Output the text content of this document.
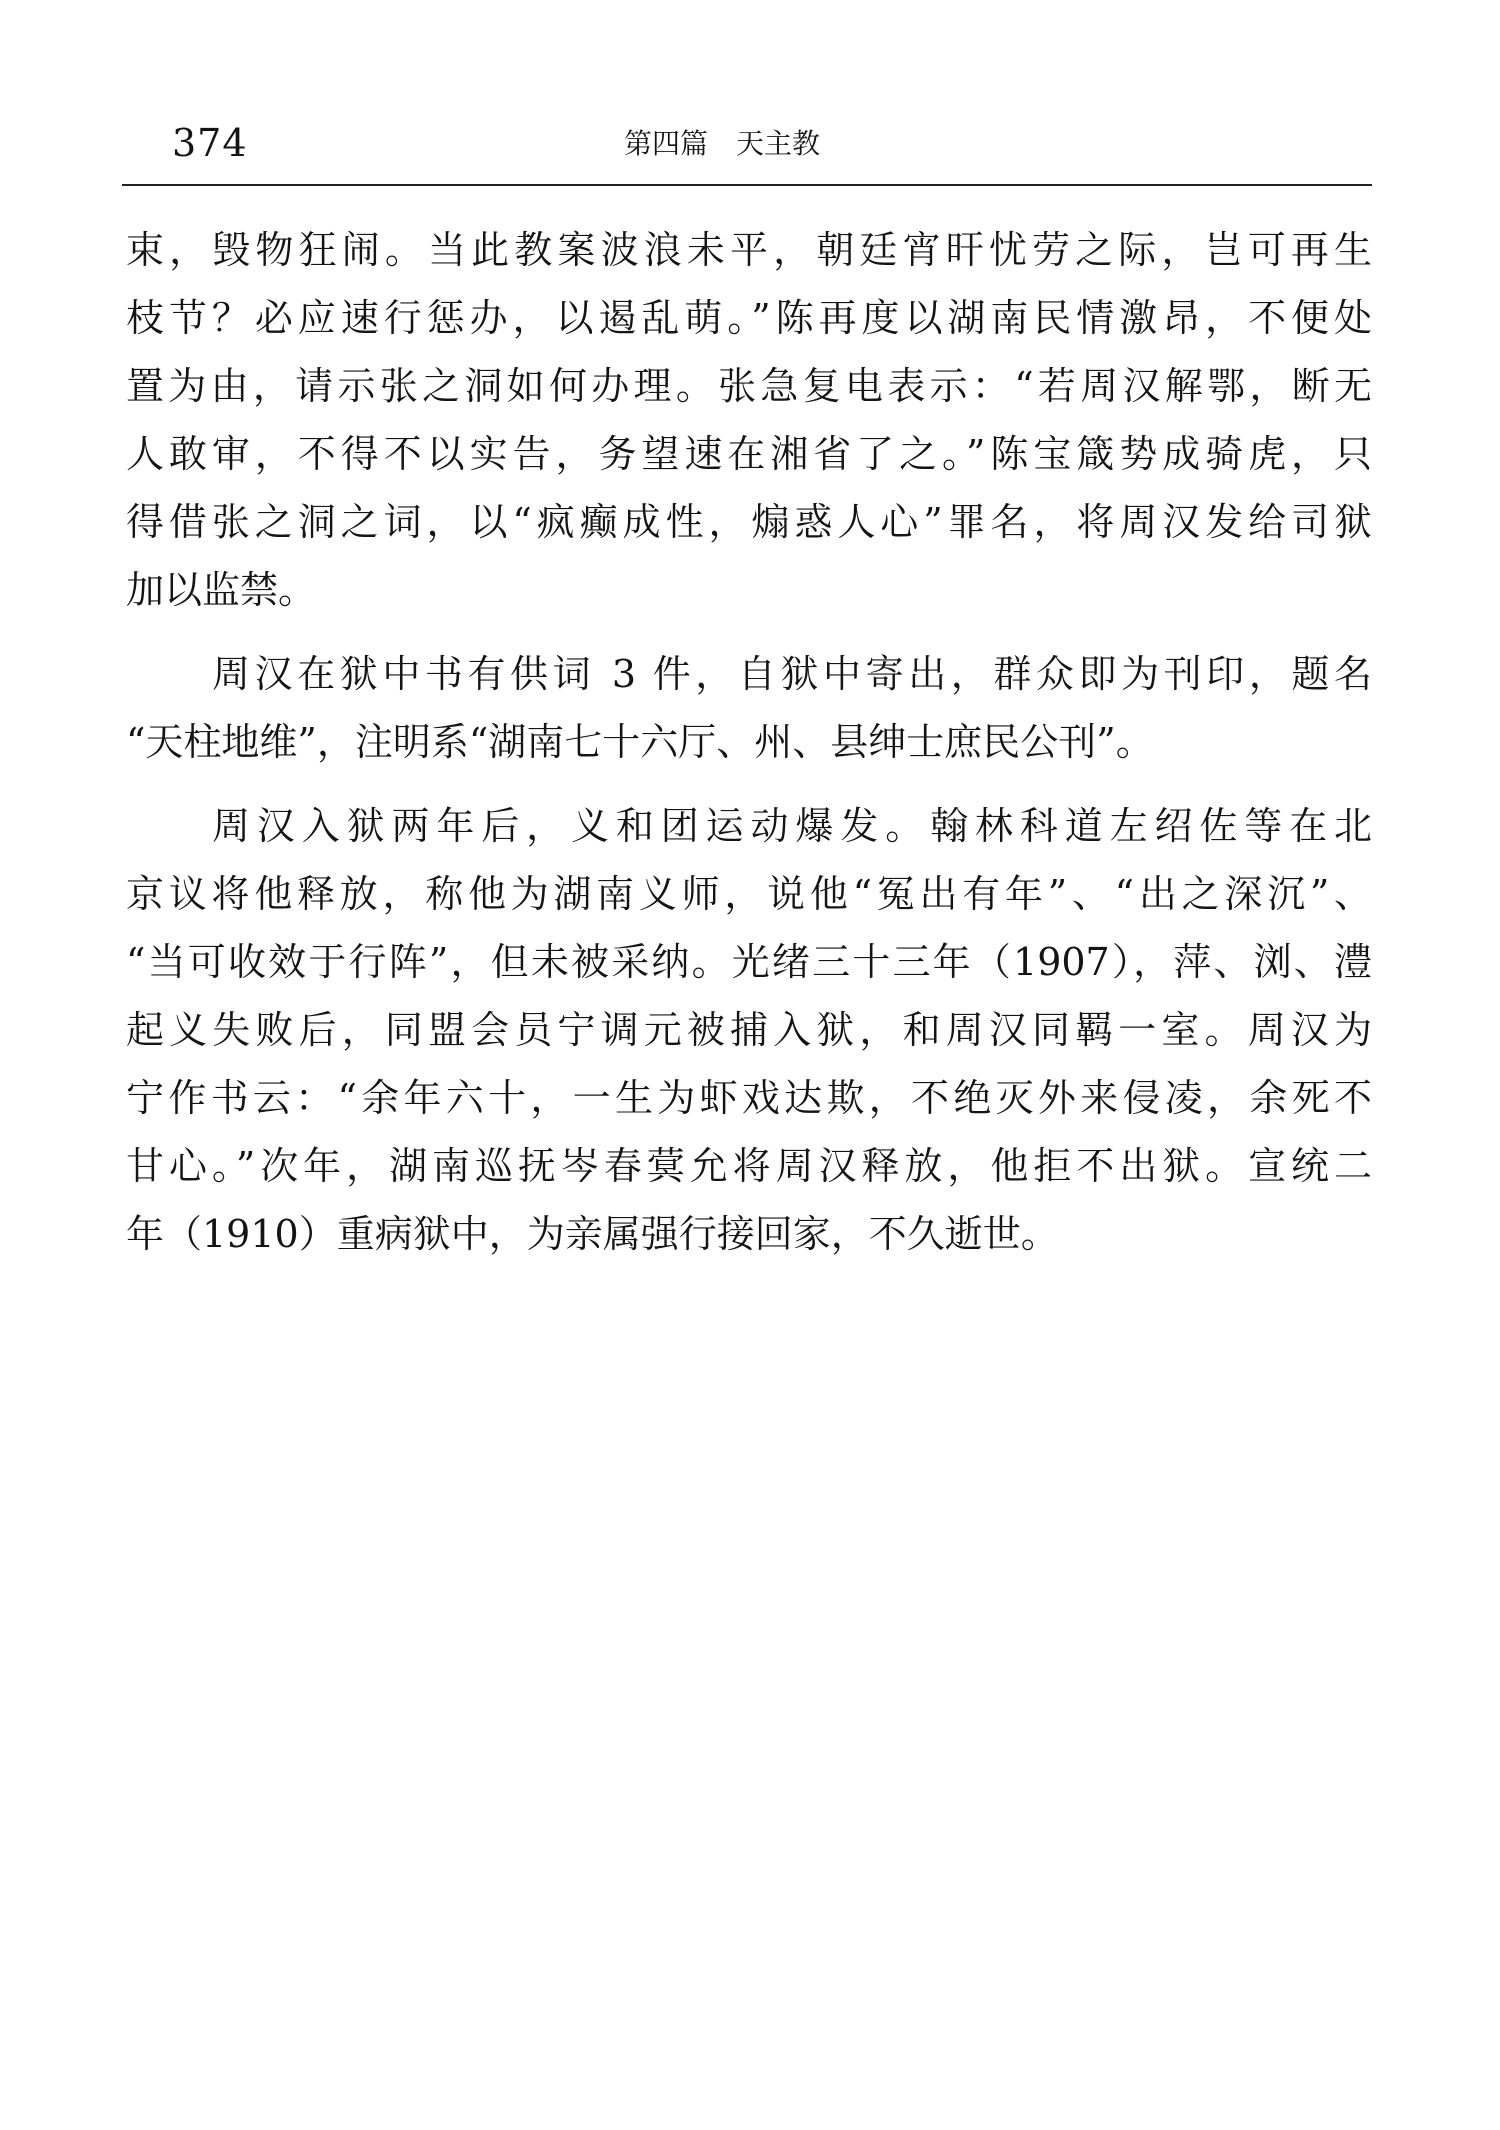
374	第四篇　天主教
束，毁物狂闹。当此教案波浪未平，朝廷宵旰忧劳之际，岂可再生
枝节？必应速行惩办，以遏乱萌。”陈再度以湖南民情激昂，不便处
置为由，请示张之洞如何办理。张急复电表示：“若周汉解鄂，断无
人敢审，不得不以实告，务望速在湘省了之。”陈宝箴势成骑虎，只
得借张之洞之词，以“疯癫成性，煽惑人心”罪名，将周汉发给司狱
加以监禁。
周汉在狱中书有供词 3 件，自狱中寄出，群众即为刊印，题名
“天柱地维”，注明系“湖南七十六厅、州、县绅士庶民公刊”。
周汉入狱两年后，义和团运动爆发。翰林科道左绍佐等在北
京议将他释放，称他为湖南义师，说他“冤出有年”、“出之深沉”、
“当可收效于行阵”，但未被采纳。光绪三十三年（1907），萍、浏、澧
起义失败后，同盟会员宁调元被捕入狱，和周汉同羁一室。周汉为
宁作书云：“余年六十，一生为虾戏达欺，不绝灭外来侵凌，余死不
甘心。”次年，湖南巡抚岑春蓂允将周汉释放，他拒不出狱。宣统二
年（1910）重病狱中，为亲属强行接回家，不久逝世。
